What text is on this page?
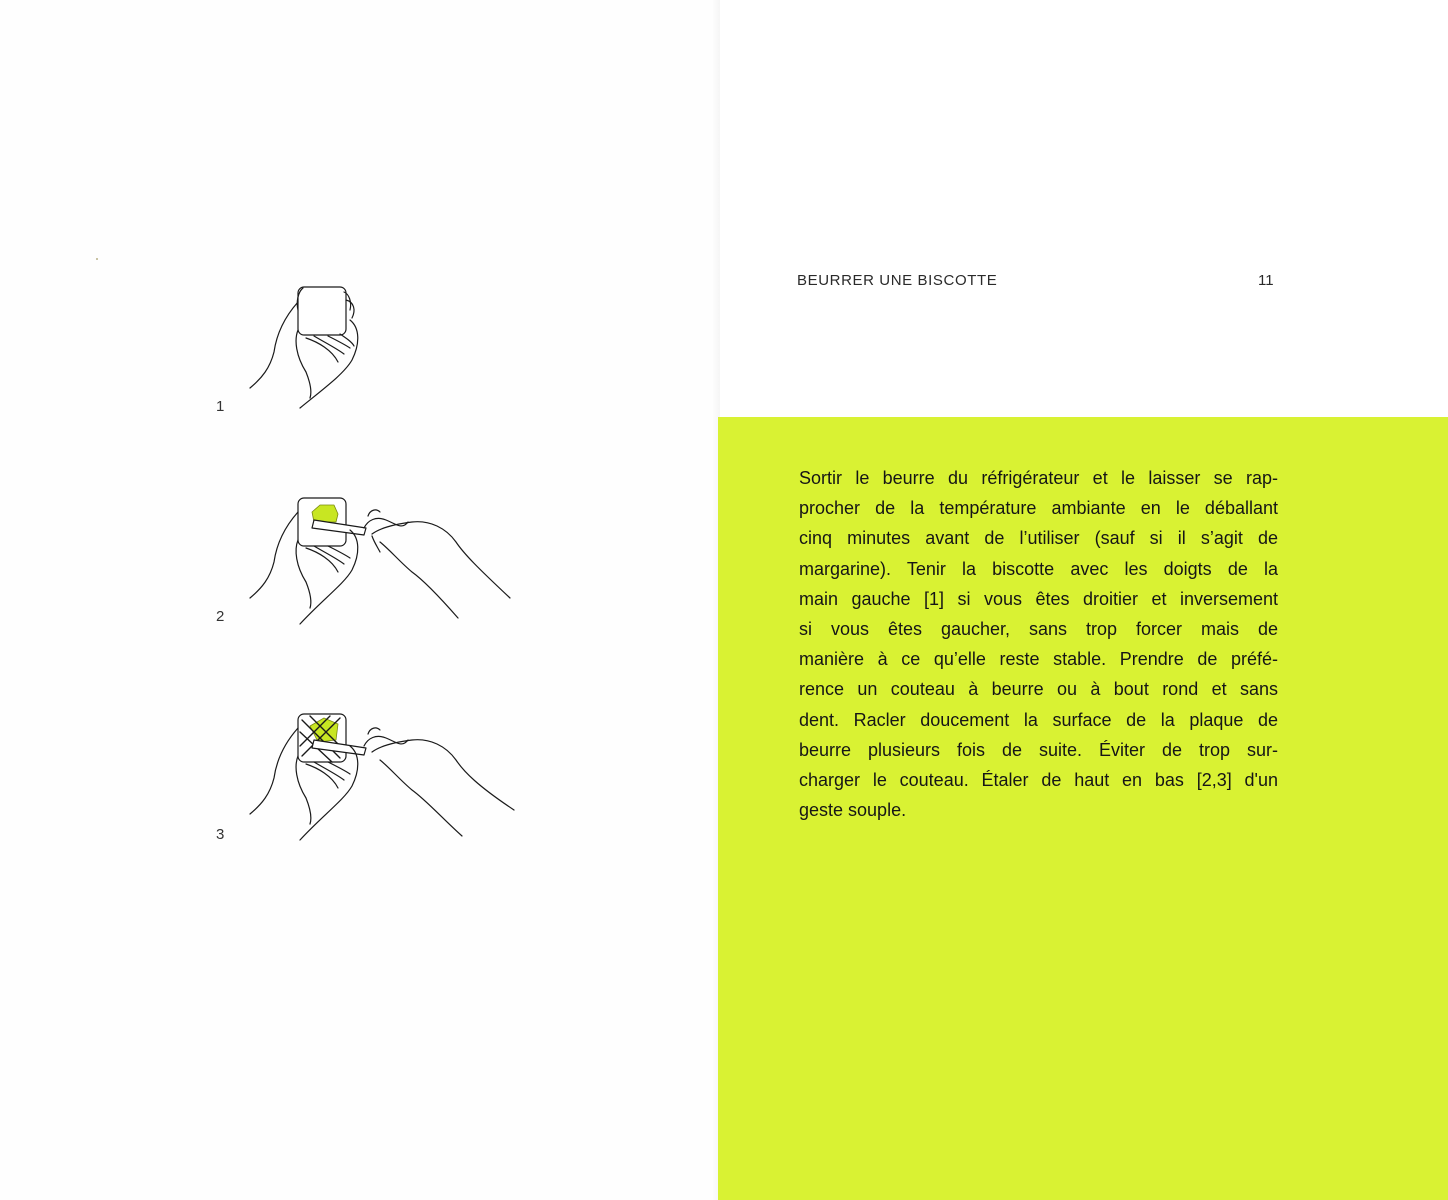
1
2
3
BEURRER UNE BISCOTTE	11
Sortir le beurre du réfrigérateur et le laisser se rap-
procher de la température ambiante en le déballant
cinq minutes avant de l’utiliser (sauf si il s’agit de
margarine). Tenir la biscotte avec les doigts de la
main gauche [1] si vous êtes droitier et inversement
si vous êtes gaucher, sans trop forcer mais de
manière à ce qu’elle reste stable. Prendre de préfé-
rence un couteau à beurre ou à bout rond et sans
dent. Racler doucement la surface de la plaque de
beurre plusieurs fois de suite. Éviter de trop sur-
charger le couteau. Étaler de haut en bas [2,3] d'un
geste souple.
